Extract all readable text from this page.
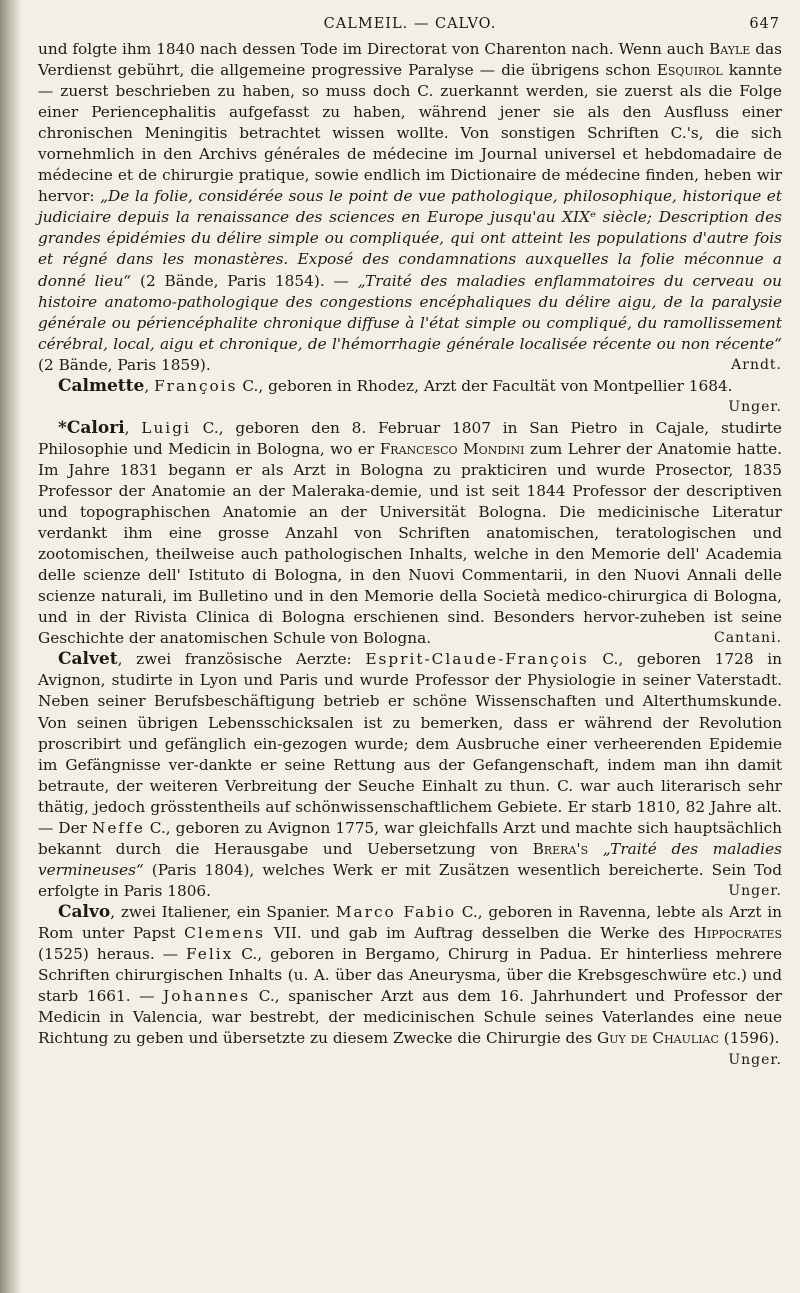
CALMEIL. — CALVO.	647

und folgte ihm 1840 nach dessen Tode im Directorat von Charenton nach. Wenn auch Bayle das Verdienst gebührt, die allgemeine progressive Paralyse — die übrigens schon Esquirol kannte — zuerst beschrieben zu haben, so muss doch C. zuerkannt werden, sie zuerst als die Folge einer Periencephalitis aufgefasst zu haben, während jener sie als den Ausfluss einer chronischen Meningitis betrachtet wissen wollte. Von sonstigen Schriften C.'s, die sich vornehmlich in den Archivs générales de médecine im Journal universel et hebdomadaire de médecine et de chirurgie pratique, sowie endlich im Dictionaire de médecine finden, heben wir hervor: „De la folie, considérée sous le point de vue pathologique, philosophique, historique et judiciaire depuis la renaissance des sciences en Europe jusqu'au XIXᵉ siècle; Description des grandes épidémies du délire simple ou compliquée, qui ont atteint les populations d'autre fois et régné dans les monastères. Exposé des condamnations auxquelles la folie méconnue a donné lieu“ (2 Bände, Paris 1854). — „Traité des maladies enflammatoires du cerveau ou histoire anatomo-pathologique des congestions encéphaliques du délire aigu, de la paralysie générale ou périencéphalite chronique diffuse à l'état simple ou compliqué, du ramollissement cérébral, local, aigu et chronique, de l'hémorrhagie générale localisée récente ou non récente“ (2 Bände, Paris 1859).	Arndt.

Calmette, François C., geboren in Rhodez, Arzt der Facultät von Montpellier 1684.
Unger.

*Calori, Luigi C., geboren den 8. Februar 1807 in San Pietro in Cajale, studirte Philosophie und Medicin in Bologna, wo er Francesco Mondini zum Lehrer der Anatomie hatte. Im Jahre 1831 begann er als Arzt in Bologna zu prakticiren und wurde Prosector, 1835 Professor der Anatomie an der Maleraka-demie, und ist seit 1844 Professor der descriptiven und topographischen Anatomie an der Universität Bologna. Die medicinische Literatur verdankt ihm eine grosse Anzahl von Schriften anatomischen, teratologischen und zootomischen, theilweise auch pathologischen Inhalts, welche in den Memorie dell' Academia delle scienze dell' Istituto di Bologna, in den Nuovi Commentarii, in den Nuovi Annali delle scienze naturali, im Bulletino und in den Memorie della Società medico-chirurgica di Bologna, und in der Rivista Clinica di Bologna erschienen sind. Besonders hervor-zuheben ist seine Geschichte der anatomischen Schule von Bologna.	Cantani.

Calvet, zwei französische Aerzte: Esprit-Claude-François C., geboren 1728 in Avignon, studirte in Lyon und Paris und wurde Professor der Physiologie in seiner Vaterstadt. Neben seiner Berufsbeschäftigung betrieb er schöne Wissenschaften und Alterthumskunde. Von seinen übrigen Lebensschicksalen ist zu bemerken, dass er während der Revolution proscribirt und gefänglich ein-gezogen wurde; dem Ausbruche einer verheerenden Epidemie im Gefängnisse ver-dankte er seine Rettung aus der Gefangenschaft, indem man ihn damit betraute, der weiteren Verbreitung der Seuche Einhalt zu thun. C. war auch literarisch sehr thätig, jedoch grösstentheils auf schönwissenschaftlichem Gebiete. Er starb 1810, 82 Jahre alt. — Der Neffe C., geboren zu Avignon 1775, war gleichfalls Arzt und machte sich hauptsächlich bekannt durch die Herausgabe und Uebersetzung von Brera's „Traité des maladies vermineuses“ (Paris 1804), welches Werk er mit Zusätzen wesentlich bereicherte. Sein Tod erfolgte in Paris 1806.	Unger.

Calvo, zwei Italiener, ein Spanier. Marco Fabio C., geboren in Ravenna, lebte als Arzt in Rom unter Papst Clemens VII. und gab im Auftrag desselben die Werke des Hippocrates (1525) heraus. — Felix C., geboren in Bergamo, Chirurg in Padua. Er hinterliess mehrere Schriften chirurgischen Inhalts (u. A. über das Aneurysma, über die Krebsgeschwüre etc.) und starb 1661. — Johannes C., spanischer Arzt aus dem 16. Jahrhundert und Professor der Medicin in Valencia, war bestrebt, der medicinischen Schule seines Vaterlandes eine neue Richtung zu geben und übersetzte zu diesem Zwecke die Chirurgie des Guy de Chauliac (1596).

Unger.
